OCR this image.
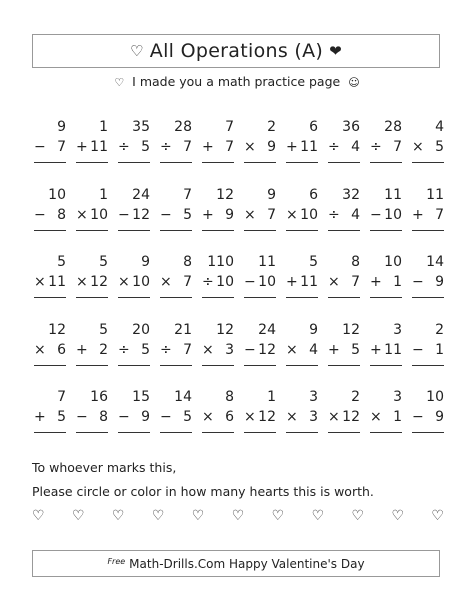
♡ All Operations (A) ❤
♡ I made you a math practice page ☺
9
− 7
1
+ 11
35
÷ 5
28
÷ 7
7
+ 7
2
× 9
6
+ 11
36
÷ 4
28
÷ 7
4
× 5
10
− 8
1
× 10
24
− 12
7
− 5
12
+ 9
9
× 7
6
× 10
32
÷ 4
11
− 10
11
+ 7
5
× 11
5
× 12
9
× 10
8
× 7
110
÷ 10
11
− 10
5
+ 11
8
× 7
10
+ 1
14
− 9
12
× 6
5
+ 2
20
÷ 5
21
÷ 7
12
× 3
24
− 12
9
× 4
12
+ 5
3
+ 11
2
− 1
7
+ 5
16
− 8
15
− 9
14
− 5
8
× 6
1
× 12
3
× 3
2
× 12
3
× 1
10
− 9
To whoever marks this,
Please circle or color in how many hearts this is worth.
♡ ♡ ♡ ♡ ♡ ♡ ♡ ♡ ♡ ♡ ♡
Free Math-Drills.Com Happy Valentine's Day
